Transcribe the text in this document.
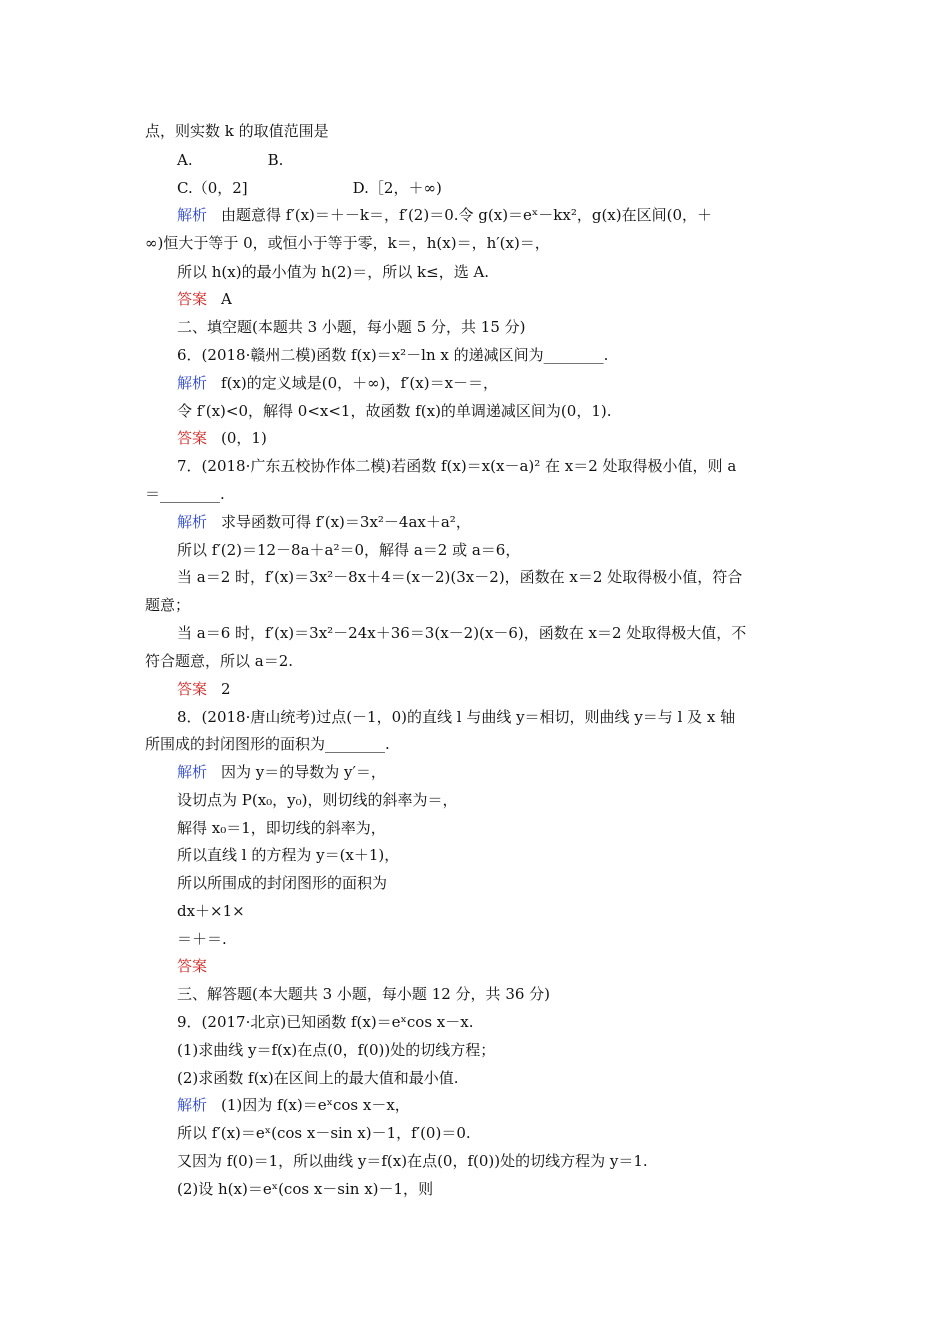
点，则实数 k 的取值范围是
A.　　　　　B.
C.（0，2]　　　　　　　D.［2，＋∞)
解析 由题意得 f′(x)＝＋－k＝，f′(2)＝0.令 g(x)＝eˣ－kx²，g(x)在区间(0，＋
∞)恒大于等于 0，或恒小于等于零，k＝，h(x)＝，h′(x)＝，
所以 h(x)的最小值为 h(2)＝，所以 k≤，选 A.
答案 A
二、填空题(本题共 3 小题，每小题 5 分，共 15 分)
6．(2018·赣州二模)函数 f(x)＝x²－ln x 的递减区间为________.
解析 f(x)的定义域是(0，＋∞)，f′(x)＝x－＝，
令 f′(x)<0，解得 0<x<1，故函数 f(x)的单调递减区间为(0，1).
答案 (0，1)
7．(2018·广东五校协作体二模)若函数 f(x)＝x(x－a)² 在 x＝2 处取得极小值，则 a
＝________.
解析 求导函数可得 f′(x)＝3x²－4ax＋a²，
所以 f′(2)＝12－8a＋a²＝0，解得 a＝2 或 a＝6，
当 a＝2 时，f′(x)＝3x²－8x＋4＝(x－2)(3x－2)，函数在 x＝2 处取得极小值，符合
题意；
当 a＝6 时，f′(x)＝3x²－24x＋36＝3(x－2)(x－6)，函数在 x＝2 处取得极大值，不
符合题意，所以 a＝2.
答案 2
8．(2018·唐山统考)过点(－1，0)的直线 l 与曲线 y＝相切，则曲线 y＝与 l 及 x 轴
所围成的封闭图形的面积为________.
解析 因为 y＝的导数为 y′＝，
设切点为 P(x₀，y₀)，则切线的斜率为＝，
解得 x₀＝1，即切线的斜率为，
所以直线 l 的方程为 y＝(x＋1)，
所以所围成的封闭图形的面积为
dx＋×1×
＝＋＝.
答案
三、解答题(本大题共 3 小题，每小题 12 分，共 36 分)
9．(2017·北京)已知函数 f(x)＝eˣcos x－x.
(1)求曲线 y＝f(x)在点(0，f(0))处的切线方程；
(2)求函数 f(x)在区间上的最大值和最小值.
解析 (1)因为 f(x)＝eˣcos x－x，
所以 f′(x)＝eˣ(cos x－sin x)－1，f′(0)＝0.
又因为 f(0)＝1，所以曲线 y＝f(x)在点(0，f(0))处的切线方程为 y＝1.
(2)设 h(x)＝eˣ(cos x－sin x)－1，则
